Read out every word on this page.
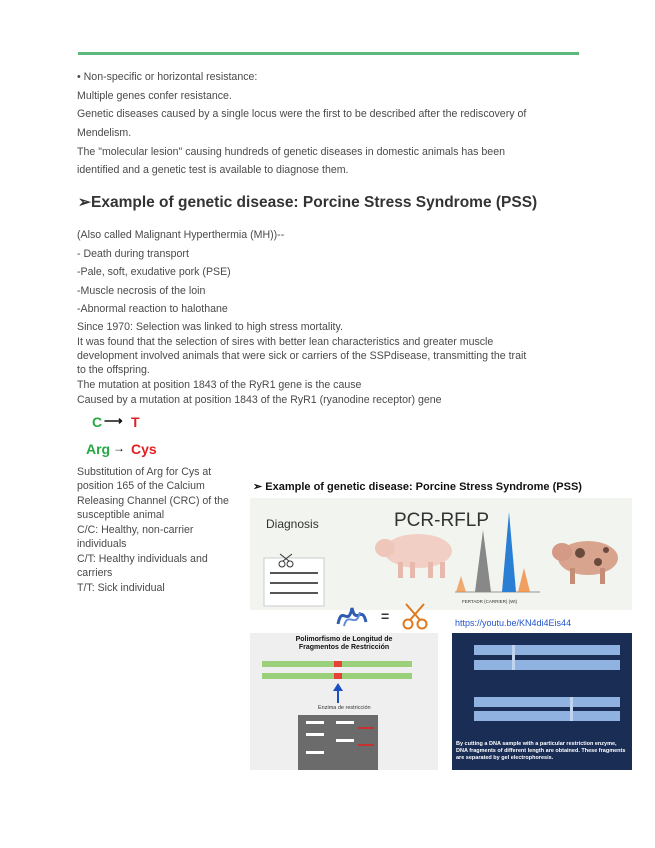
• Non-specific or horizontal resistance:
Multiple genes confer resistance.
Genetic diseases caused by a single locus were the first to be described after the rediscovery of
Mendelism.
The "molecular lesion" causing hundreds of genetic diseases in domestic animals has been
identified and a genetic test is available to diagnose them.
➢Example of genetic disease: Porcine Stress Syndrome (PSS)
(Also called Malignant Hyperthermia (MH))--
- Death during transport
-Pale, soft, exudative pork (PSE)
-Muscle necrosis of the loin
-Abnormal reaction to halothane
Since 1970: Selection was linked to high stress mortality.
It was found that the selection of sires with better lean characteristics and greater muscle
development involved animals that were sick or carriers of the SSPdisease, transmitting the trait
to the offspring.
The mutation at position 1843 of the RyR1 gene is the cause
Caused by a mutation at position 1843 of the RyR1 (ryanodine receptor) gene
C ⟶ T
Arg → Cys
Substitution of Arg for Cys at
position 165 of the Calcium
Releasing Channel (CRC) of the
susceptible animal
C/C: Healthy, non-carrier
individuals
C/T: Healthy individuals and
carriers
T/T: Sick individual
➢ Example of genetic disease: Porcine Stress Syndrome (PSS)
Diagnosis	PCR-RFLP
FERTADR (CARRIER) (Wt)
=	https://youtu.be/KN4di4Eis44
Polimorfismo de Longitud de
Fragmentos de Restricción
Enzima de restricción
By cutting a DNA sample with a particular restriction enzyme, DNA fragments of different length are obtained. These fragments are separated by gel electrophoresis.
